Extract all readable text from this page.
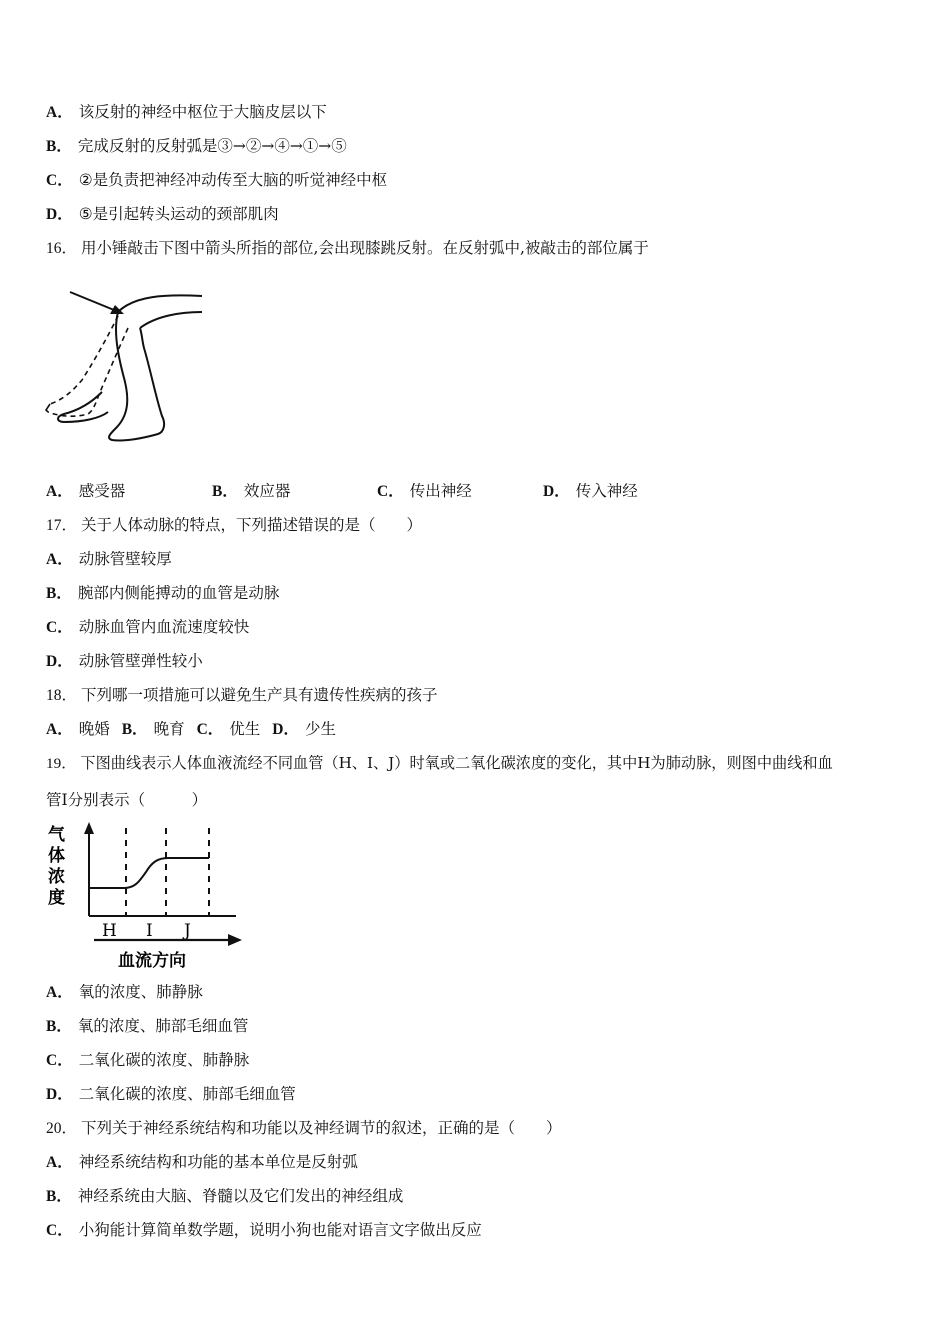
A． 该反射的神经中枢位于大脑皮层以下
B． 完成反射的反射弧是③→②→④→①→⑤
C． ②是负责把神经冲动传至大脑的听觉神经中枢
D． ⑤是引起转头运动的颈部肌肉
16． 用小锤敲击下图中箭头所指的部位,会出现膝跳反射。在反射弧中,被敲击的部位属于
A． 感受器	B． 效应器	C． 传出神经	D． 传入神经
17． 关于人体动脉的特点，下列描述错误的是（　　）
A． 动脉管壁较厚
B． 腕部内侧能搏动的血管是动脉
C． 动脉血管内血流速度较快
D． 动脉管壁弹性较小
18． 下列哪一项措施可以避免生产具有遗传性疾病的孩子
A． 晚婚 B． 晚育 C． 优生 D． 少生
19． 下图曲线表示人体血液流经不同血管（H、I、J）时氧或二氧化碳浓度的变化，其中H为肺动脉，则图中曲线和血
管Ⅰ分别表示（　　　）
气
体
浓
度
H I J
血流方向
A． 氧的浓度、肺静脉
B． 氧的浓度、肺部毛细血管
C． 二氧化碳的浓度、肺静脉
D． 二氧化碳的浓度、肺部毛细血管
20． 下列关于神经系统结构和功能以及神经调节的叙述，正确的是（　　）
A． 神经系统结构和功能的基本单位是反射弧
B． 神经系统由大脑、脊髓以及它们发出的神经组成
C． 小狗能计算简单数学题，说明小狗也能对语言文字做出反应
